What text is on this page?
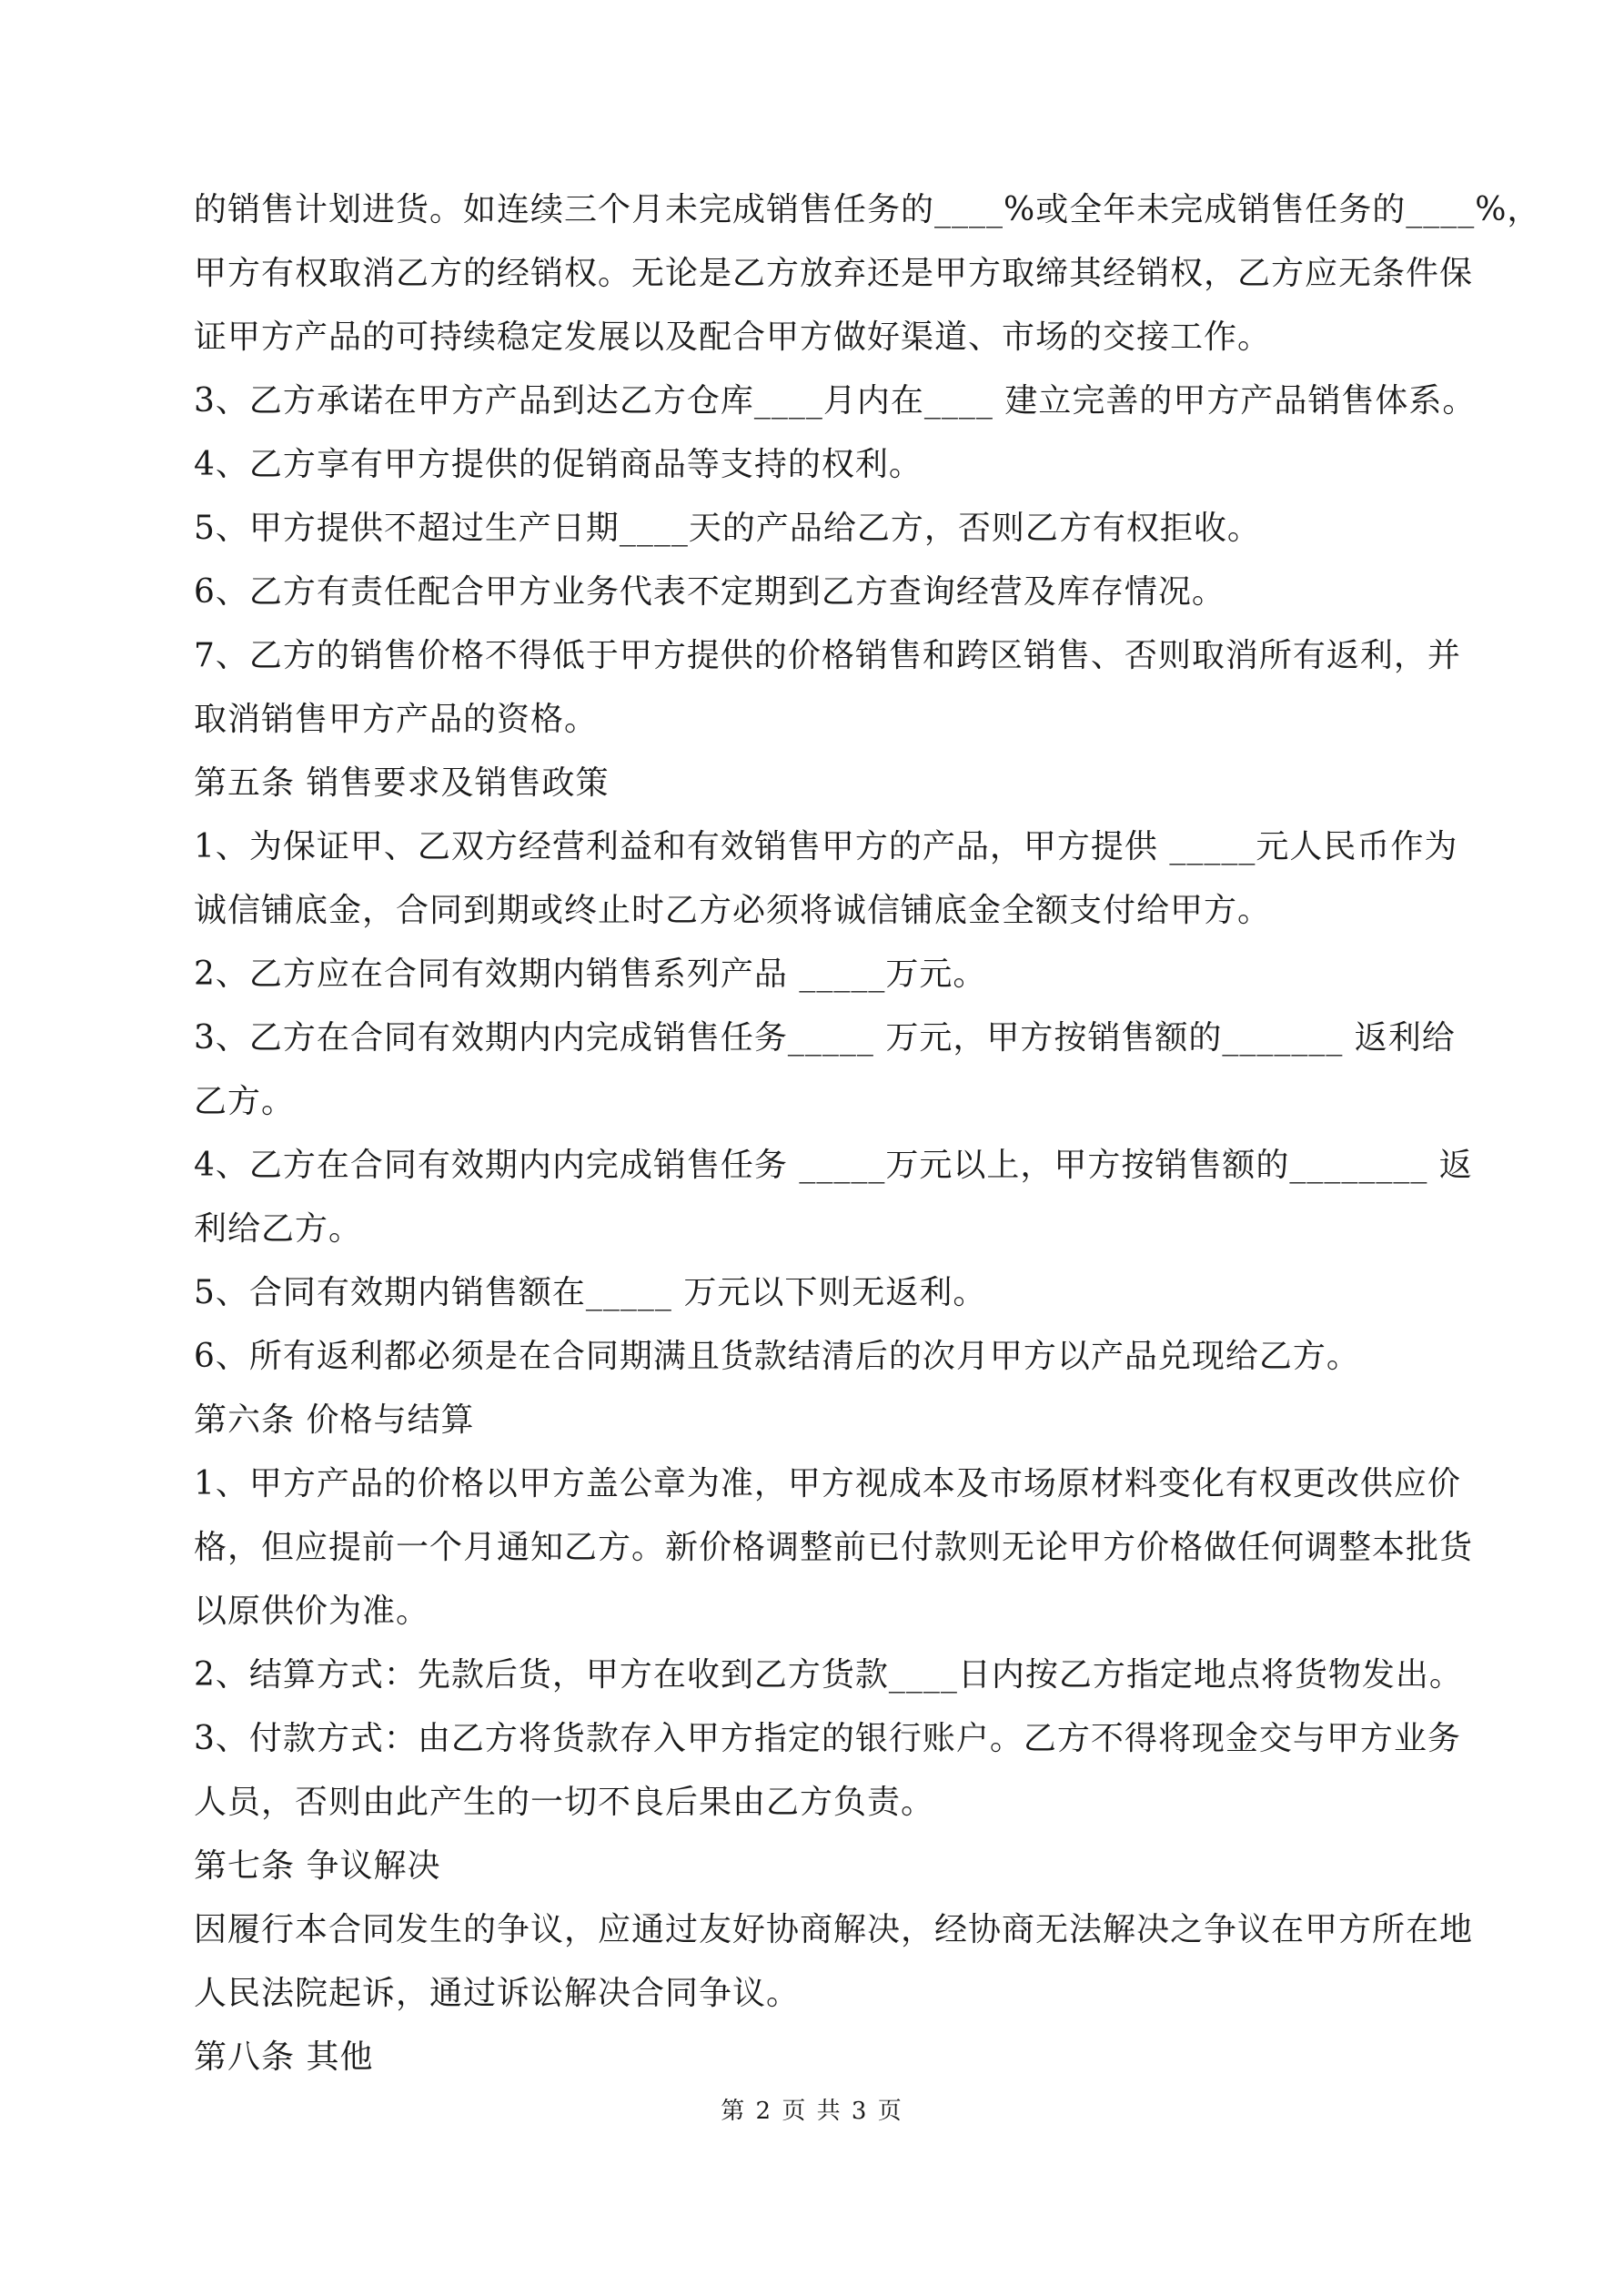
的销售计划进货。如连续三个月未完成销售任务的____%或全年未完成销售任务的____%，
甲方有权取消乙方的经销权。无论是乙方放弃还是甲方取缔其经销权，乙方应无条件保
证甲方产品的可持续稳定发展以及配合甲方做好渠道、市场的交接工作。
3、乙方承诺在甲方产品到达乙方仓库____月内在____ 建立完善的甲方产品销售体系。
4、乙方享有甲方提供的促销商品等支持的权利。
5、甲方提供不超过生产日期____天的产品给乙方，否则乙方有权拒收。
6、乙方有责任配合甲方业务代表不定期到乙方查询经营及库存情况。
7、乙方的销售价格不得低于甲方提供的价格销售和跨区销售、否则取消所有返利，并
取消销售甲方产品的资格。
第五条 销售要求及销售政策
1、为保证甲、乙双方经营利益和有效销售甲方的产品，甲方提供 _____元人民币作为
诚信铺底金，合同到期或终止时乙方必须将诚信铺底金全额支付给甲方。
2、乙方应在合同有效期内销售系列产品 _____万元。
3、乙方在合同有效期内内完成销售任务_____ 万元，甲方按销售额的_______ 返利给
乙方。
4、乙方在合同有效期内内完成销售任务 _____万元以上，甲方按销售额的________ 返
利给乙方。
5、合同有效期内销售额在_____ 万元以下则无返利。
6、所有返利都必须是在合同期满且货款结清后的次月甲方以产品兑现给乙方。
第六条 价格与结算
1、甲方产品的价格以甲方盖公章为准，甲方视成本及市场原材料变化有权更改供应价
格，但应提前一个月通知乙方。新价格调整前已付款则无论甲方价格做任何调整本批货
以原供价为准。
2、结算方式：先款后货，甲方在收到乙方货款____日内按乙方指定地点将货物发出。
3、付款方式：由乙方将货款存入甲方指定的银行账户。乙方不得将现金交与甲方业务
人员，否则由此产生的一切不良后果由乙方负责。
第七条 争议解决
因履行本合同发生的争议，应通过友好协商解决，经协商无法解决之争议在甲方所在地
人民法院起诉，通过诉讼解决合同争议。
第八条 其他
第 2 页 共 3 页
